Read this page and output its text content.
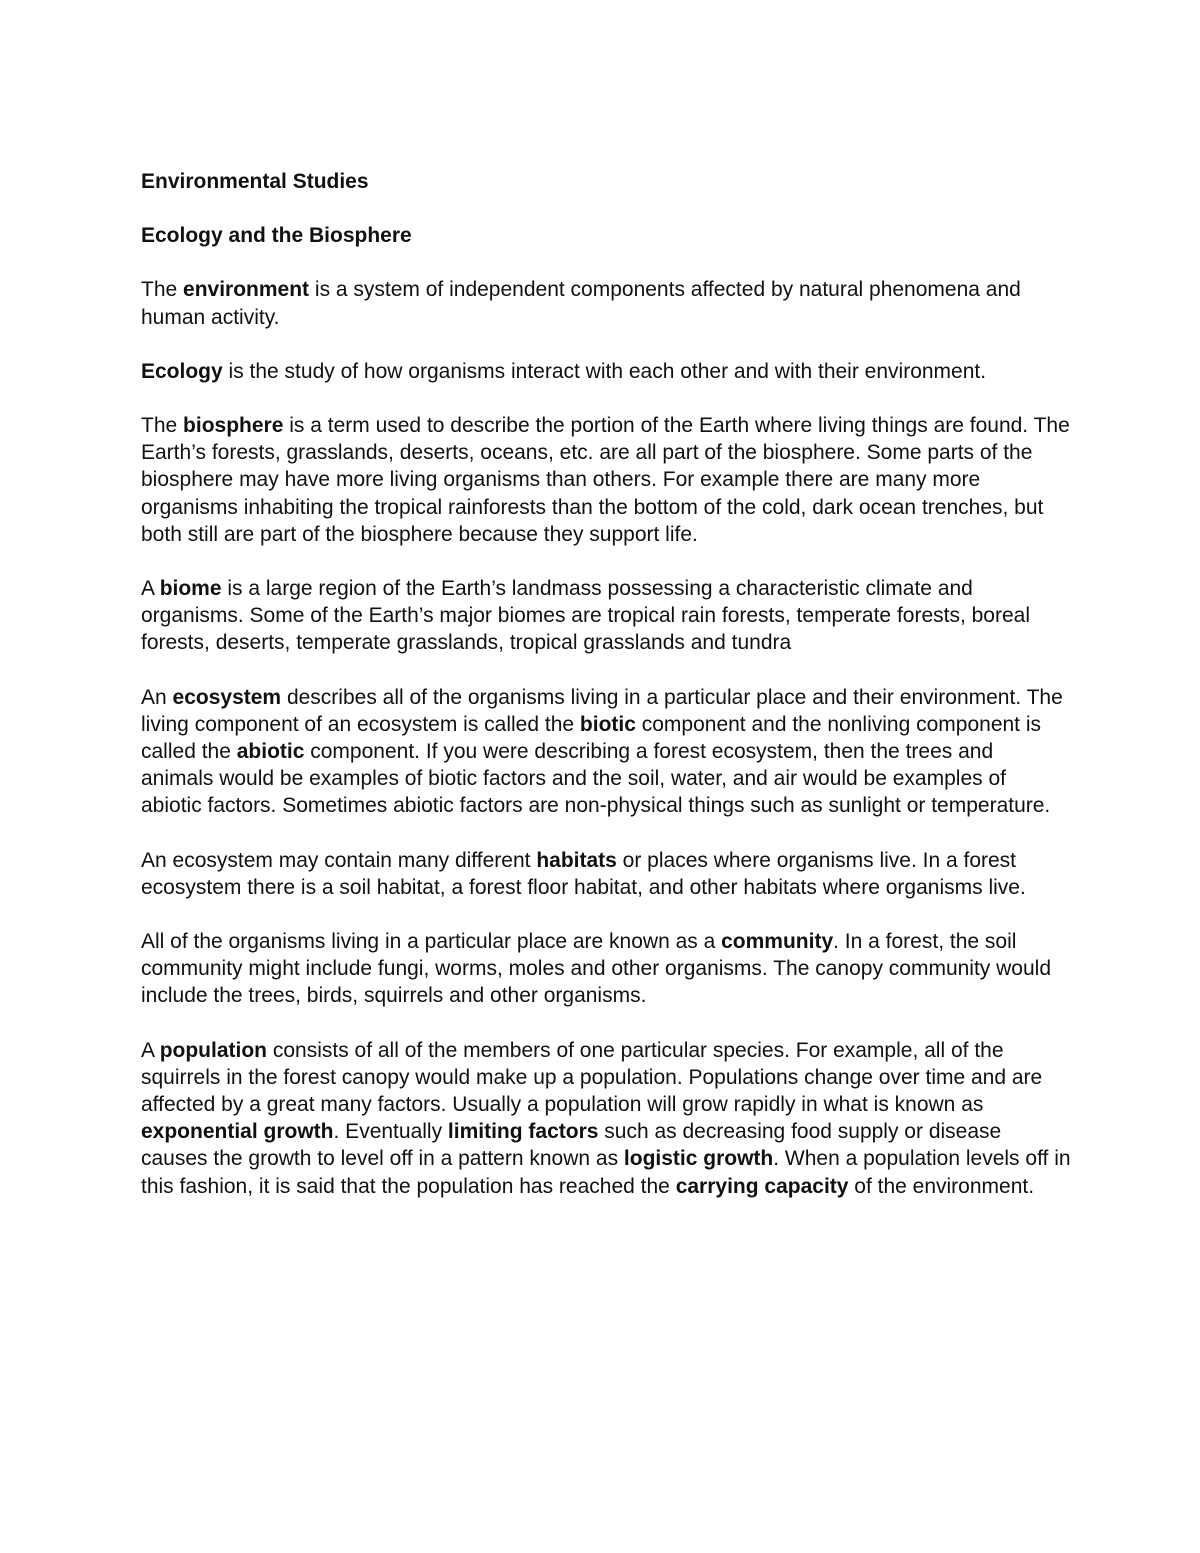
Environmental Studies
Ecology and the Biosphere

The environment is a system of independent components affected by natural phenomena and human activity.

Ecology is the study of how organisms interact with each other and with their environment.

The biosphere is a term used to describe the portion of the Earth where living things are found. The Earth’s forests, grasslands, deserts, oceans, etc. are all part of the biosphere. Some parts of the biosphere may have more living organisms than others. For example there are many more organisms inhabiting the tropical rainforests than the bottom of the cold, dark ocean trenches, but both still are part of the biosphere because they support life.

A biome is a large region of the Earth’s landmass possessing a characteristic climate and organisms. Some of the Earth’s major biomes are tropical rain forests, temperate forests, boreal forests, deserts, temperate grasslands, tropical grasslands and tundra

An ecosystem describes all of the organisms living in a particular place and their environment. The living component of an ecosystem is called the biotic component and the nonliving component is called the abiotic component. If you were describing a forest ecosystem, then the trees and animals would be examples of biotic factors and the soil, water, and air would be examples of abiotic factors. Sometimes abiotic factors are non-physical things such as sunlight or temperature.

An ecosystem may contain many different habitats or places where organisms live. In a forest ecosystem there is a soil habitat, a forest floor habitat, and other habitats where organisms live.

All of the organisms living in a particular place are known as a community. In a forest, the soil community might include fungi, worms, moles and other organisms. The canopy community would include the trees, birds, squirrels and other organisms.

A population consists of all of the members of one particular species. For example, all of the squirrels in the forest canopy would make up a population. Populations change over time and are affected by a great many factors. Usually a population will grow rapidly in what is known as exponential growth. Eventually limiting factors such as decreasing food supply or disease causes the growth to level off in a pattern known as logistic growth. When a population levels off in this fashion, it is said that the population has reached the carrying capacity of the environment.
